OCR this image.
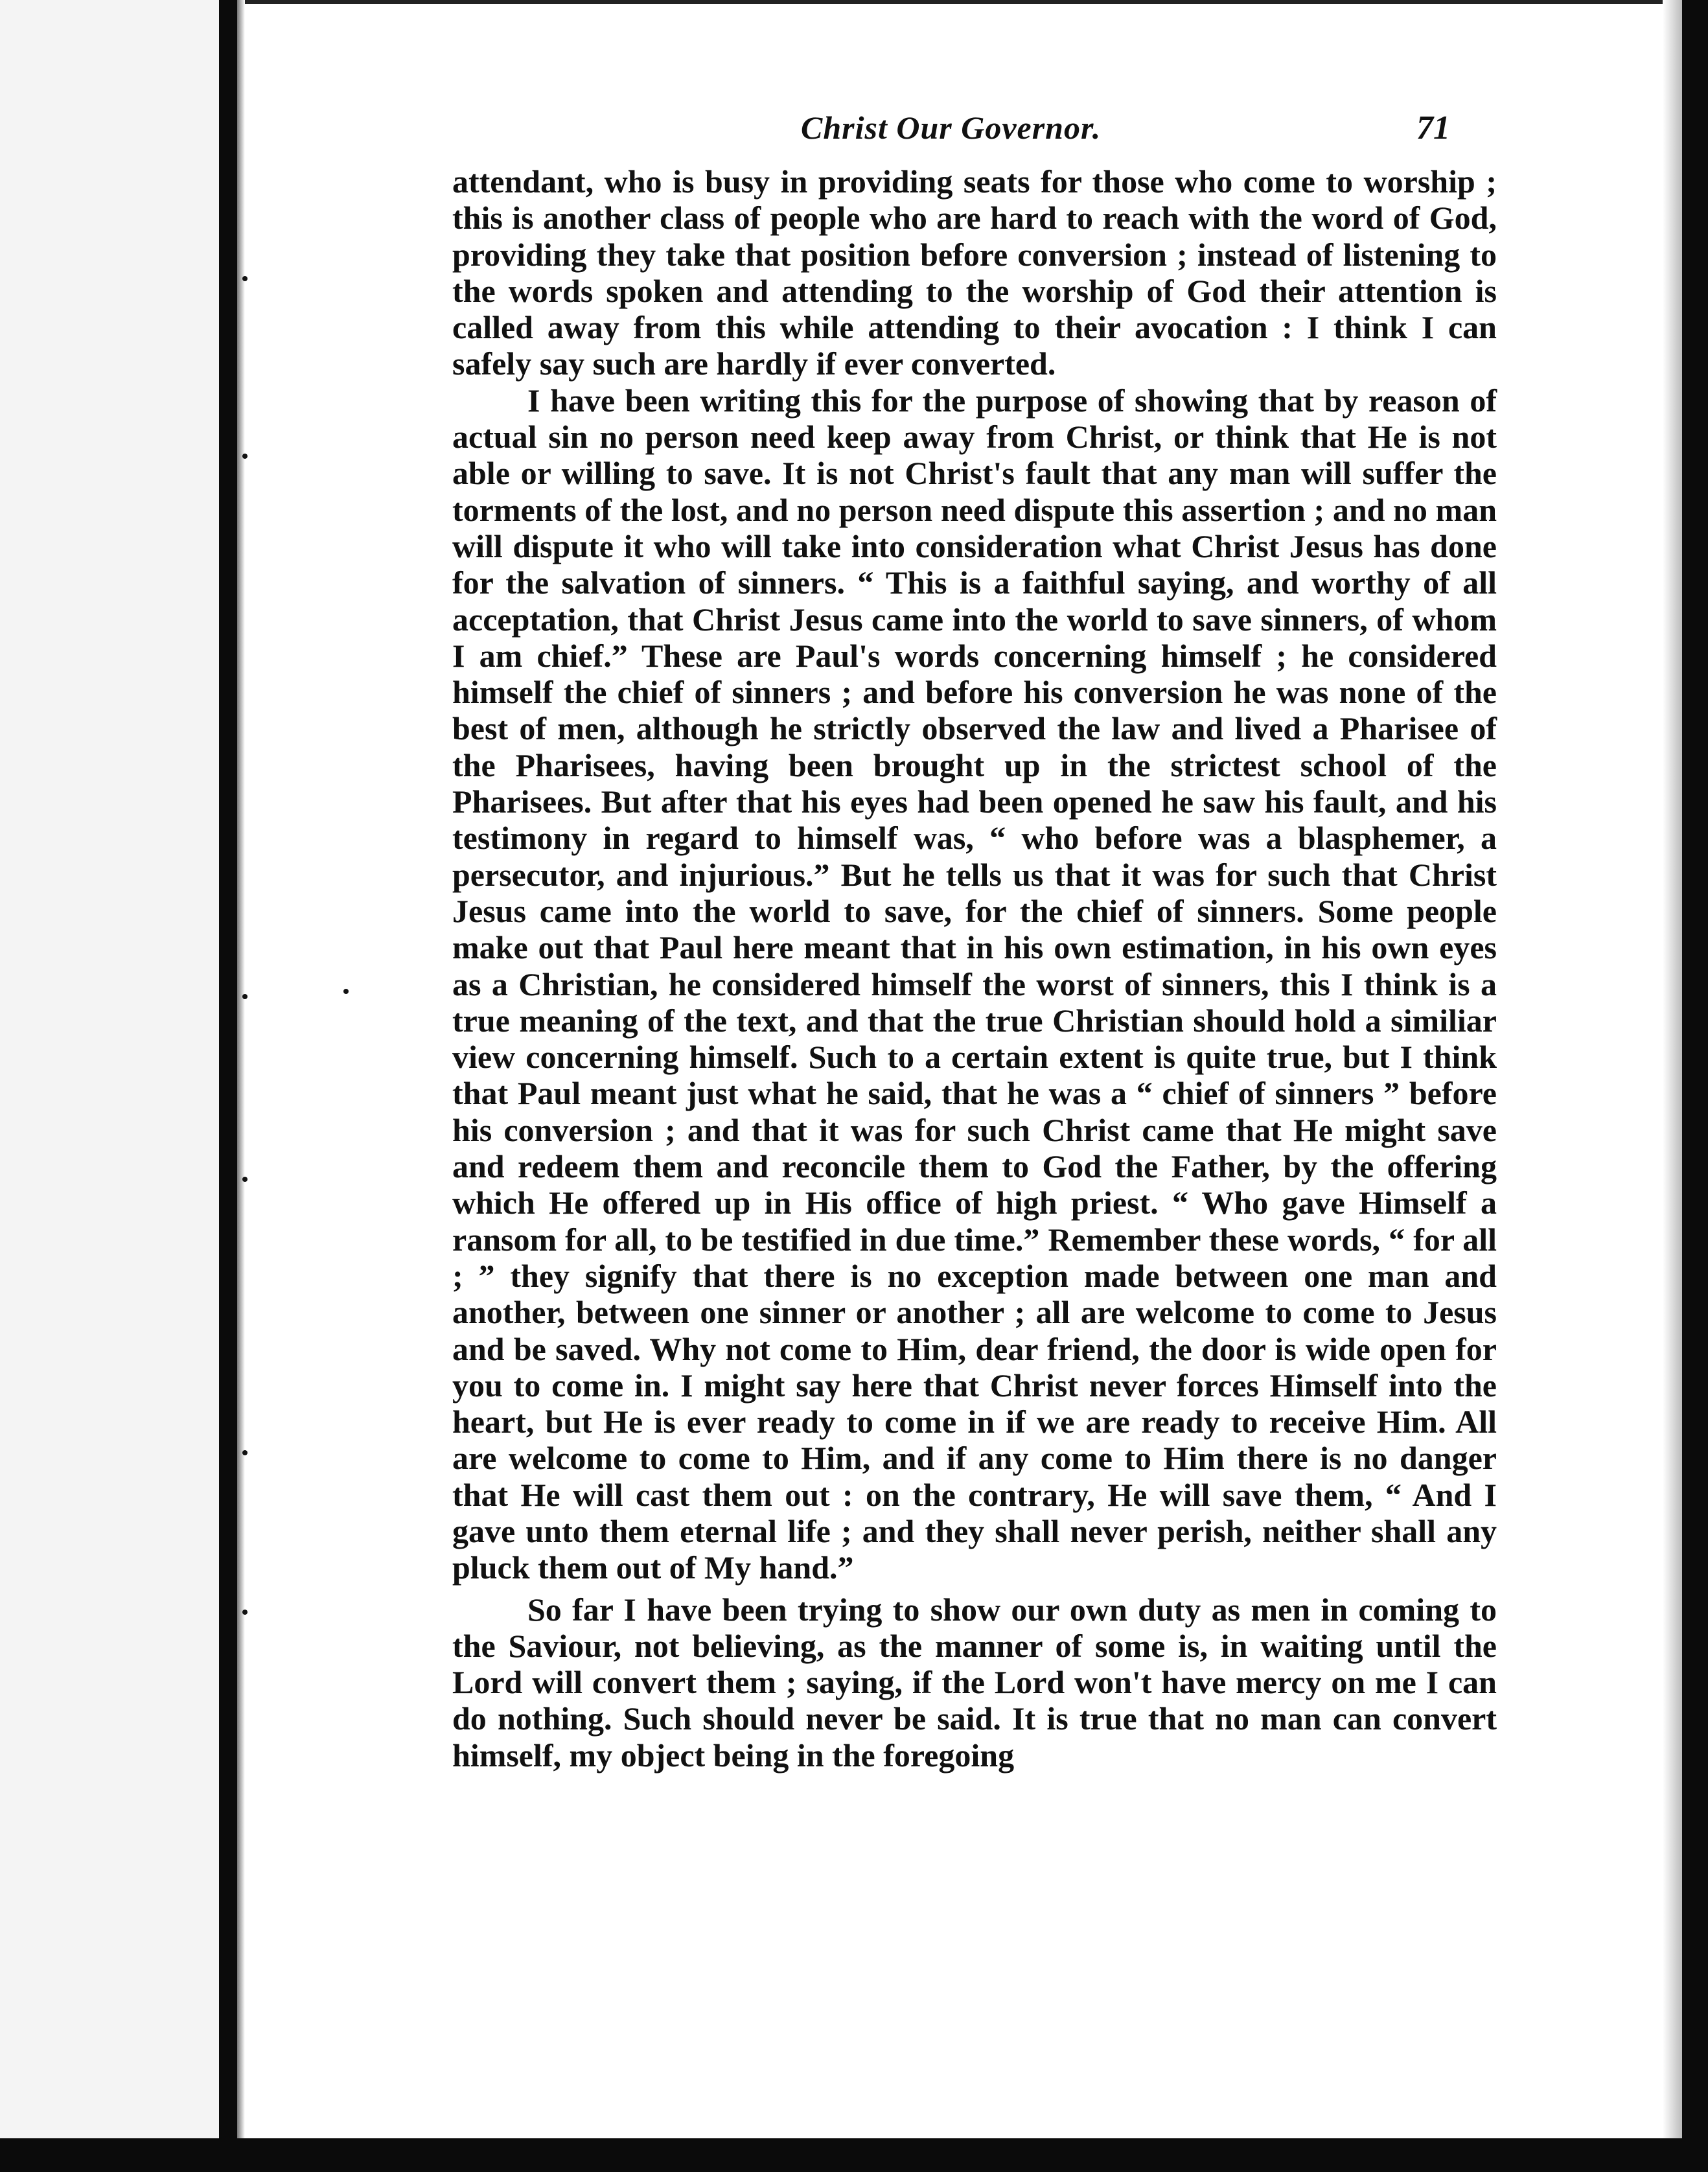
Christ Our Governor.	71

attendant, who is busy in providing seats for those who come to worship ; this is another class of people who are hard to reach with the word of God, providing they take that position before conversion ; instead of listening to the words spoken and attending to the worship of God their attention is called away from this while attending to their avocation : I think I can safely say such are hardly if ever converted.

I have been writing this for the purpose of showing that by reason of actual sin no person need keep away from Christ, or think that He is not able or willing to save. It is not Christ's fault that any man will suffer the torments of the lost, and no person need dispute this assertion ; and no man will dispute it who will take into consideration what Christ Jesus has done for the salvation of sinners. “ This is a faithful saying, and worthy of all acceptation, that Christ Jesus came into the world to save sinners, of whom I am chief.” These are Paul's words concerning himself ; he considered himself the chief of sinners ; and before his conversion he was none of the best of men, although he strictly observed the law and lived a Pharisee of the Pharisees, having been brought up in the strictest school of the Pharisees. But after that his eyes had been opened he saw his fault, and his testimony in regard to himself was, “ who before was a blasphemer, a persecutor, and injurious.” But he tells us that it was for such that Christ Jesus came into the world to save, for the chief of sinners. Some people make out that Paul here meant that in his own estimation, in his own eyes as a Christian, he considered himself the worst of sinners, this I think is a true meaning of the text, and that the true Christian should hold a similiar view concerning himself. Such to a certain extent is quite true, but I think that Paul meant just what he said, that he was a “ chief of sinners ” before his conversion ; and that it was for such Christ came that He might save and redeem them and reconcile them to God the Father, by the offering which He offered up in His office of high priest. “ Who gave Himself a ransom for all, to be testified in due time.” Remember these words, “ for all ; ” they signify that there is no exception made between one man and another, between one sinner or another ; all are welcome to come to Jesus and be saved. Why not come to Him, dear friend, the door is wide open for you to come in. I might say here that Christ never forces Himself into the heart, but He is ever ready to come in if we are ready to receive Him. All are welcome to come to Him, and if any come to Him there is no danger that He will cast them out : on the contrary, He will save them, “ And I gave unto them eternal life ; and they shall never perish, neither shall any pluck them out of My hand.”

So far I have been trying to show our own duty as men in coming to the Saviour, not believing, as the manner of some is, in waiting until the Lord will convert them ; saying, if the Lord won't have mercy on me I can do nothing. Such should never be said. It is true that no man can convert himself, my object being in the foregoing
